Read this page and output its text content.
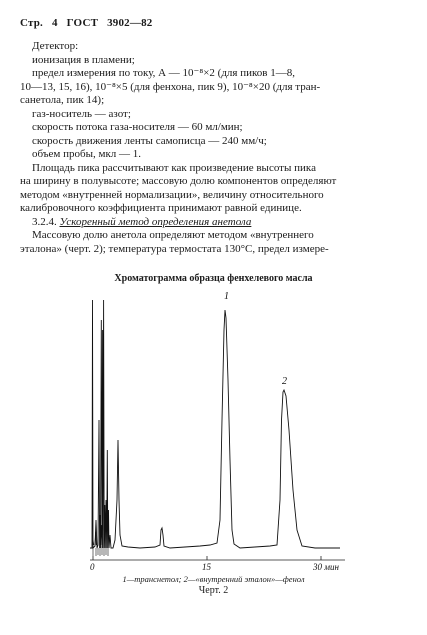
Стр. 4 ГОСТ 3902—82

Детектор:

ионизация в пламени;

предел измерения по току, А — 10⁻⁸×2 (для пиков 1—8,

10—13, 15, 16), 10⁻⁸×5 (для фенхона, пик 9), 10⁻⁸×20 (для тран-

санетола, пик 14);

газ-носитель — азот;

скорость потока газа-носителя — 60 мл/мин;

скорость движения ленты самописца — 240 мм/ч;

объем пробы, мкл — 1.

Площадь пика рассчитывают как произведение высоты пика

на ширину в полувысоте; массовую долю компонентов определяют

методом «внутренней нормализации», величину относительного

калибровочного коэффициента принимают равной единице.

3.2.4. Ускоренный метод определения анетола

Массовую долю анетола определяют методом «внутреннего

эталона» (черт. 2); температура термостата 130°С, предел измере-

Хроматограмма образца фенхелевого масла
1
2
0	15	30 мин
1—транснетол; 2—«внутренний эталон»—фенол
Черт. 2
